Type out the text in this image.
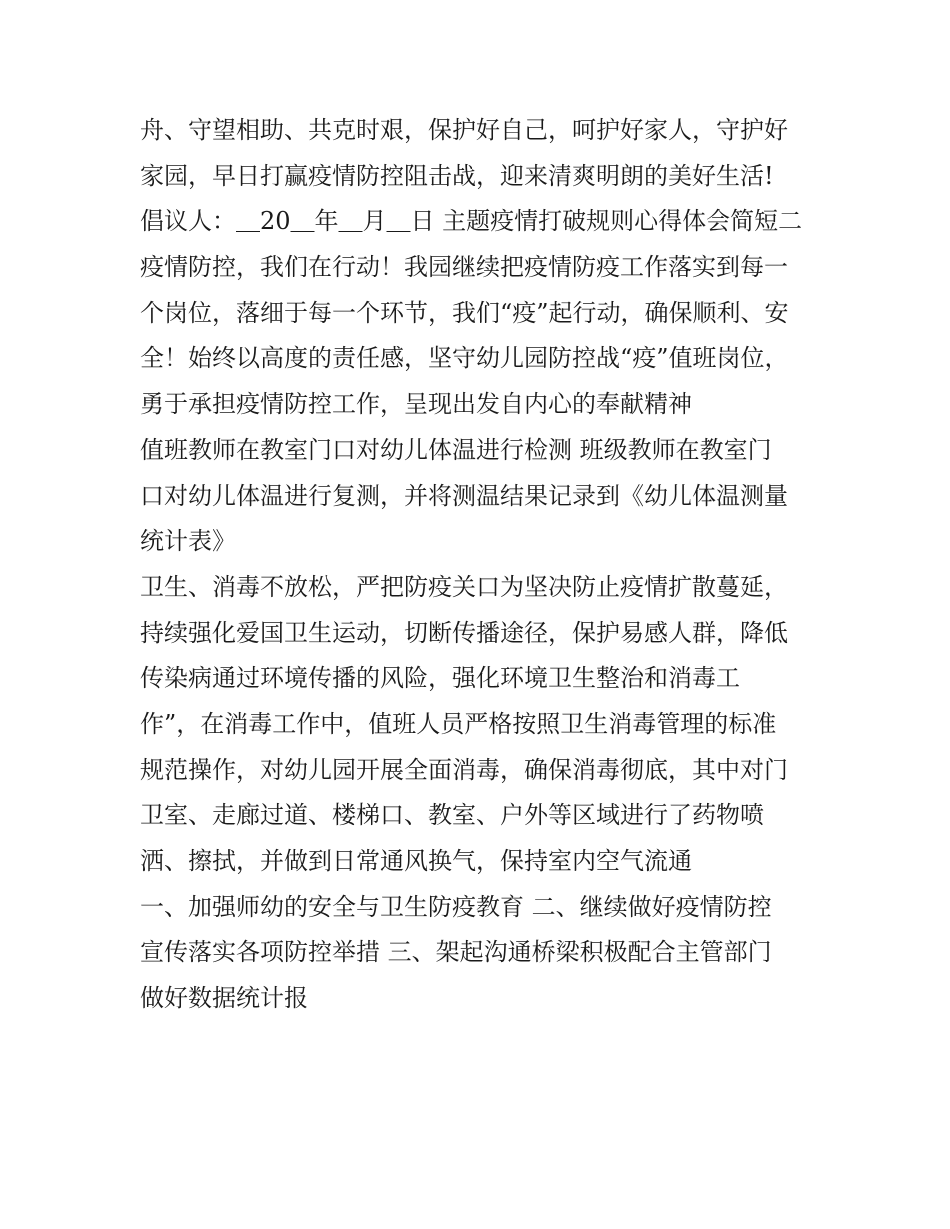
舟、守望相助、共克时艰，保护好自己，呵护好家人，守护好
家园，早日打赢疫情防控阻击战，迎来清爽明朗的美好生活!
倡议人：＿20＿年＿月＿日 主题疫情打破规则心得体会简短二
疫情防控，我们在行动！我园继续把疫情防疫工作落实到每一
个岗位，落细于每一个环节，我们“疫”起行动，确保顺利、安
全！始终以高度的责任感，坚守幼儿园防控战“疫”值班岗位，
勇于承担疫情防控工作，呈现出发自内心的奉献精神
值班教师在教室门口对幼儿体温进行检测 班级教师在教室门
口对幼儿体温进行复测，并将测温结果记录到《幼儿体温测量
统计表》
卫生、消毒不放松，严把防疫关口为坚决防止疫情扩散蔓延，
持续强化爱国卫生运动，切断传播途径，保护易感人群，降低
传染病通过环境传播的风险，强化环境卫生整治和消毒工
作”，在消毒工作中，值班人员严格按照卫生消毒管理的标准
规范操作，对幼儿园开展全面消毒，确保消毒彻底，其中对门
卫室、走廊过道、楼梯口、教室、户外等区域进行了药物喷
洒、擦拭，并做到日常通风换气，保持室内空气流通
一、加强师幼的安全与卫生防疫教育 二、继续做好疫情防控
宣传落实各项防控举措 三、架起沟通桥梁积极配合主管部门
做好数据统计报
